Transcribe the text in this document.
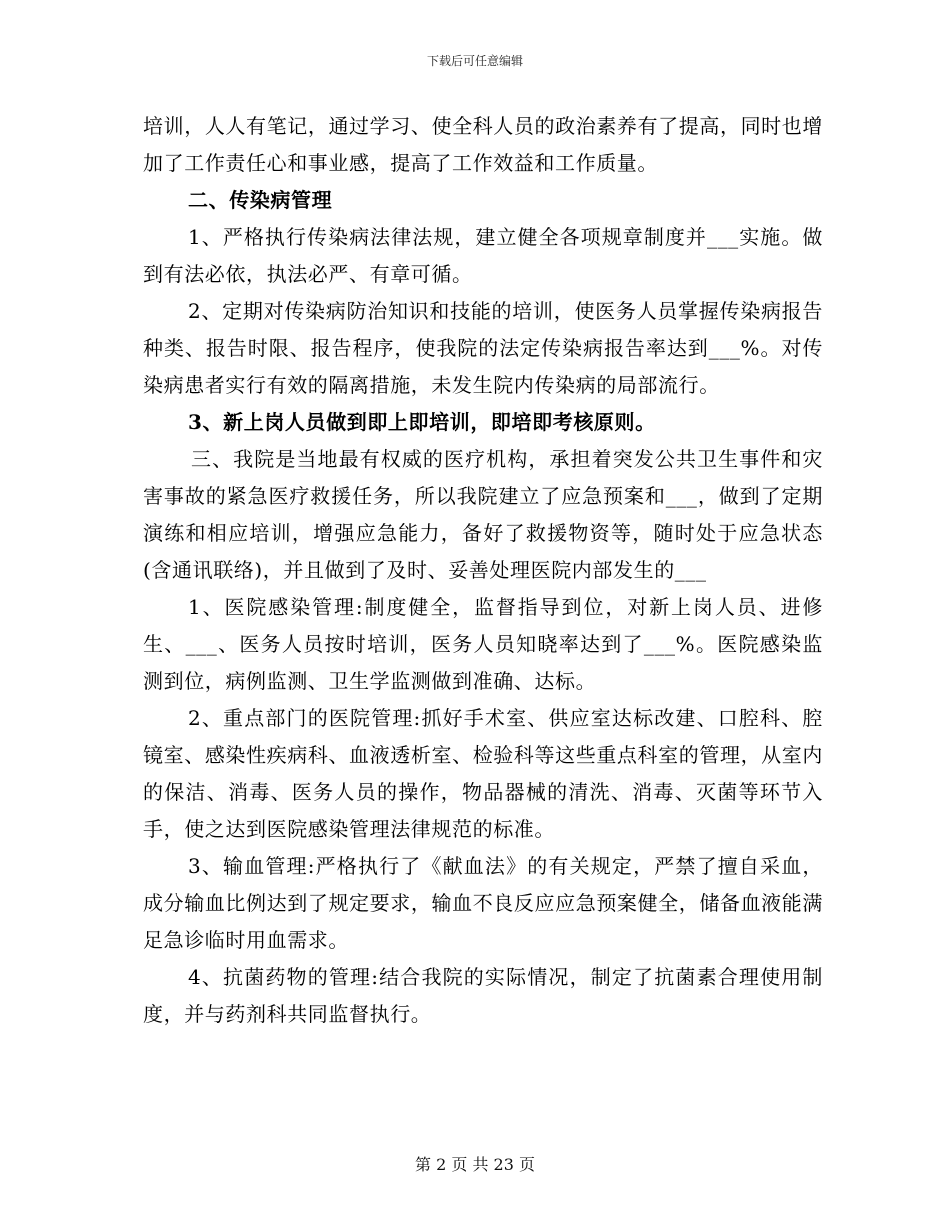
下载后可任意编辑

培训，人人有笔记，通过学习、使全科人员的政治素养有了提高，同时也增加了工作责任心和事业感，提高了工作效益和工作质量。

二、传染病管理

1、严格执行传染病法律法规，建立健全各项规章制度并___实施。做到有法必依，执法必严、有章可循。

2、定期对传染病防治知识和技能的培训，使医务人员掌握传染病报告种类、报告时限、报告程序，使我院的法定传染病报告率达到___%。对传染病患者实行有效的隔离措施，未发生院内传染病的局部流行。

3、新上岗人员做到即上即培训，即培即考核原则。

三、我院是当地最有权威的医疗机构，承担着突发公共卫生事件和灾害事故的紧急医疗救援任务，所以我院建立了应急预案和___，做到了定期演练和相应培训，增强应急能力，备好了救援物资等，随时处于应急状态(含通讯联络)，并且做到了及时、妥善处理医院内部发生的___

1、医院感染管理:制度健全，监督指导到位，对新上岗人员、进修生、___、医务人员按时培训，医务人员知晓率达到了___%。医院感染监测到位，病例监测、卫生学监测做到准确、达标。

2、重点部门的医院管理:抓好手术室、供应室达标改建、口腔科、腔镜室、感染性疾病科、血液透析室、检验科等这些重点科室的管理，从室内的保洁、消毒、医务人员的操作，物品器械的清洗、消毒、灭菌等环节入手，使之达到医院感染管理法律规范的标准。

3、输血管理:严格执行了《献血法》的有关规定，严禁了擅自采血，成分输血比例达到了规定要求，输血不良反应应急预案健全，储备血液能满足急诊临时用血需求。

4、抗菌药物的管理:结合我院的实际情况，制定了抗菌素合理使用制度，并与药剂科共同监督执行。

第 2 页 共 23 页
